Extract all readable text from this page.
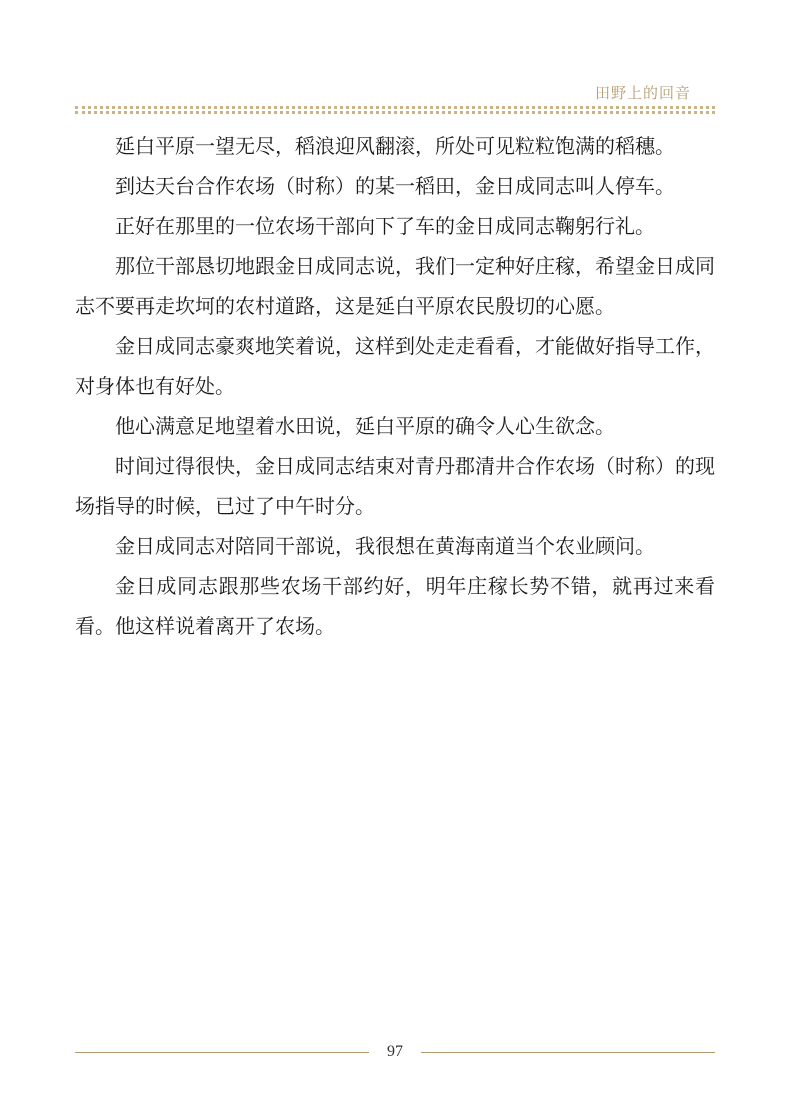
田野上的回音

延白平原一望无尽，稻浪迎风翻滚，所处可见粒粒饱满的稻穗。

到达天台合作农场（时称）的某一稻田，金日成同志叫人停车。

正好在那里的一位农场干部向下了车的金日成同志鞠躬行礼。

那位干部恳切地跟金日成同志说，我们一定种好庄稼，希望金日成同志不要再走坎坷的农村道路，这是延白平原农民殷切的心愿。

金日成同志豪爽地笑着说，这样到处走走看看，才能做好指导工作，对身体也有好处。

他心满意足地望着水田说，延白平原的确令人心生欲念。

时间过得很快，金日成同志结束对青丹郡清井合作农场（时称）的现场指导的时候，已过了中午时分。

金日成同志对陪同干部说，我很想在黄海南道当个农业顾问。

金日成同志跟那些农场干部约好，明年庄稼长势不错，就再过来看看。他这样说着离开了农场。

97
